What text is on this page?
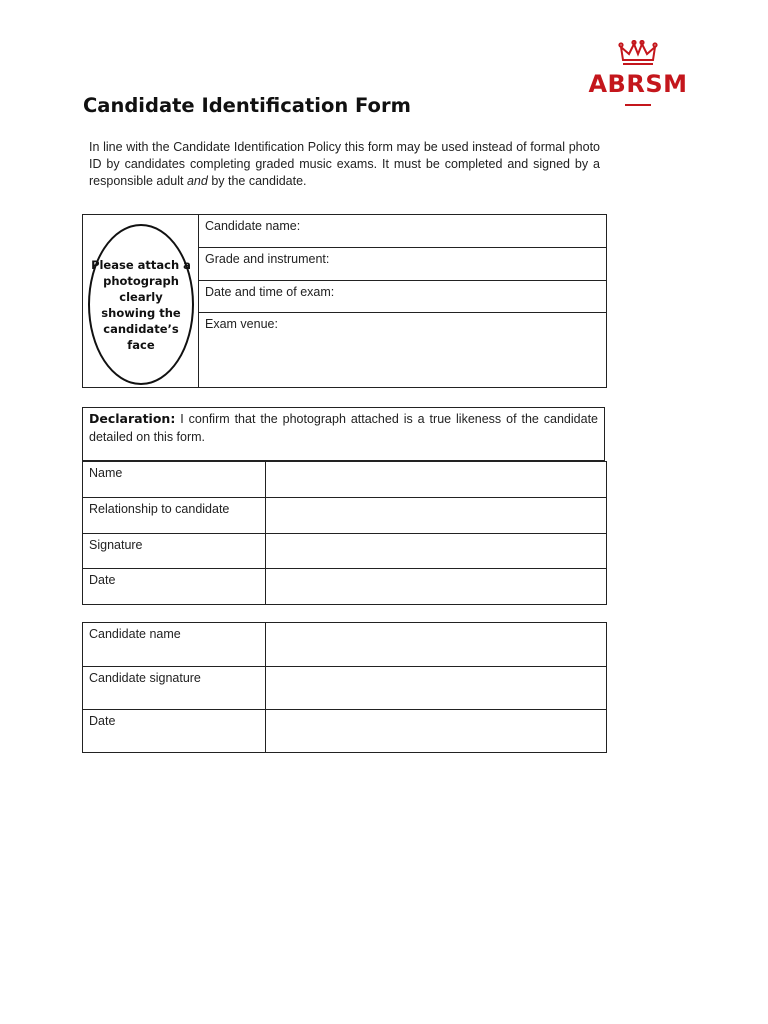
ABRSM
Candidate Identification Form
In line with the Candidate Identification Policy this form may be used instead of formal photo ID by candidates completing graded music exams. It must be completed and signed by a responsible adult and by the candidate.
Please attach a photograph clearly showing the candidate’s face
	Candidate name:
Grade and instrument:
Date and time of exam:
Exam venue:
Declaration: I confirm that the photograph attached is a true likeness of the candidate detailed on this form.
Name	
Relationship to candidate	
Signature	
Date	
Candidate name	
Candidate signature	
Date	
